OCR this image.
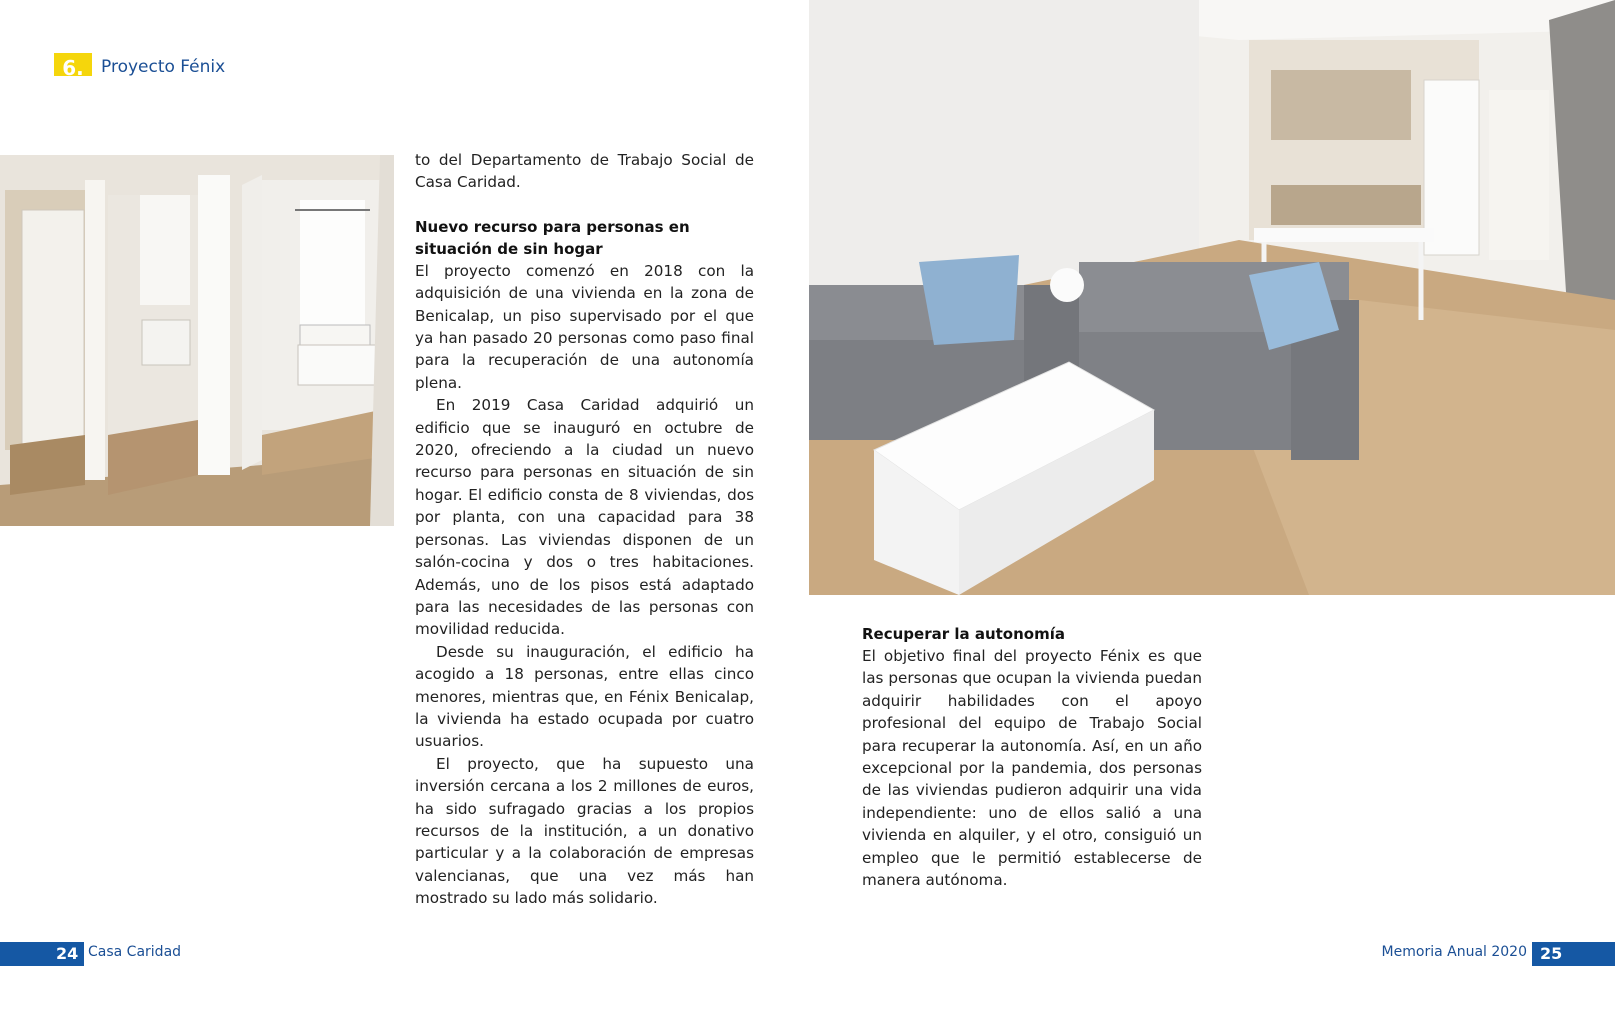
6.	Proyecto Fénix

to del Departamento de Trabajo Social de Casa Caridad.

Nuevo recurso para personas en situación de sin hogar

El proyecto comenzó en 2018 con la adquisición de una vivienda en la zona de Benicalap, un piso supervisado por el que ya han pasado 20 personas como paso final para la recuperación de una autonomía plena.

En 2019 Casa Caridad adquirió un edificio que se inauguró en octubre de 2020, ofreciendo a la ciudad un nuevo recurso para personas en situación de sin hogar. El edificio consta de 8 viviendas, dos por planta, con una capacidad para 38 personas. Las viviendas disponen de un salón-cocina y dos o tres habitaciones. Además, uno de los pisos está adaptado para las necesidades de las personas con movilidad reducida.

Desde su inauguración, el edificio ha acogido a 18 personas, entre ellas cinco menores, mientras que, en Fénix Benicalap, la vivienda ha estado ocupada por cuatro usuarios.

El proyecto, que ha supuesto una inversión cercana a los 2 millones de euros, ha sido sufragado gracias a los propios recursos de la institución, a un donativo particular y a la colaboración de empresas valencianas, que una vez más han mostrado su lado más solidario.

Recuperar la autonomía

El objetivo final del proyecto Fénix es que las personas que ocupan la vivienda puedan adquirir habilidades con el apoyo profesional del equipo de Trabajo Social para recuperar la autonomía. Así, en un año excepcional por la pandemia, dos personas de las viviendas pudieron adquirir una vida independiente: uno de ellos salió a una vivienda en alquiler, y el otro, consiguió un empleo que le permitió establecerse de manera autónoma.

24 Casa Caridad	Memoria Anual 2020 25
